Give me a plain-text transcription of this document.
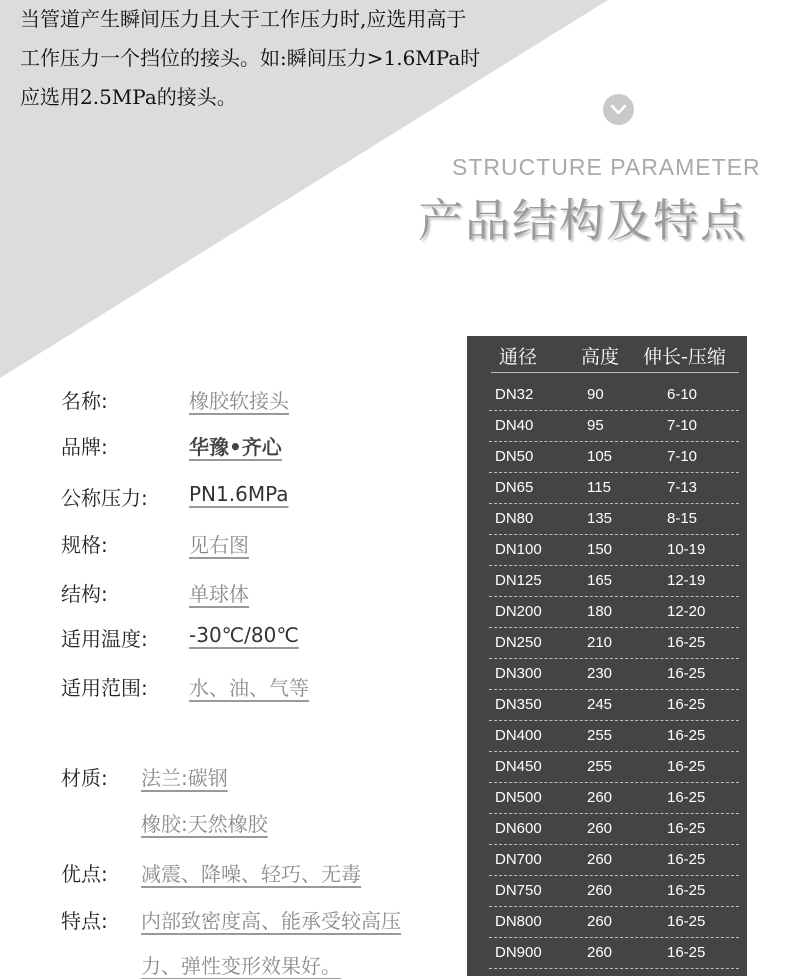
当管道产生瞬间压力且大于工作压力时,应选用高于
工作压力一个挡位的接头。如:瞬间压力>1.6MPa时
应选用2.5MPa的接头。
STRUCTURE PARAMETER
产品结构及特点
名称:	橡胶软接头
品牌:	华豫•齐心
公称压力: PN1.6MPa
规格:	见右图
结构:	单球体
适用温度: -30℃/80℃
适用范围: 水、油、气等
材质: 法兰:碳钢
橡胶:天然橡胶
优点: 减震、降噪、轻巧、无毒
特点: 内部致密度高、能承受较高压
力、弹性变形效果好。
通径 高度 伸长-压缩
DN32	90	6-10
DN40	95	7-10
DN50	105	7-10
DN65	115	7-13
DN80	135	8-15
DN100	150	10-19
DN125	165	12-19
DN200	180	12-20
DN250	210	16-25
DN300	230	16-25
DN350	245	16-25
DN400	255	16-25
DN450	255	16-25
DN500	260	16-25
DN600	260	16-25
DN700	260	16-25
DN750	260	16-25
DN800	260	16-25
DN900	260	16-25
